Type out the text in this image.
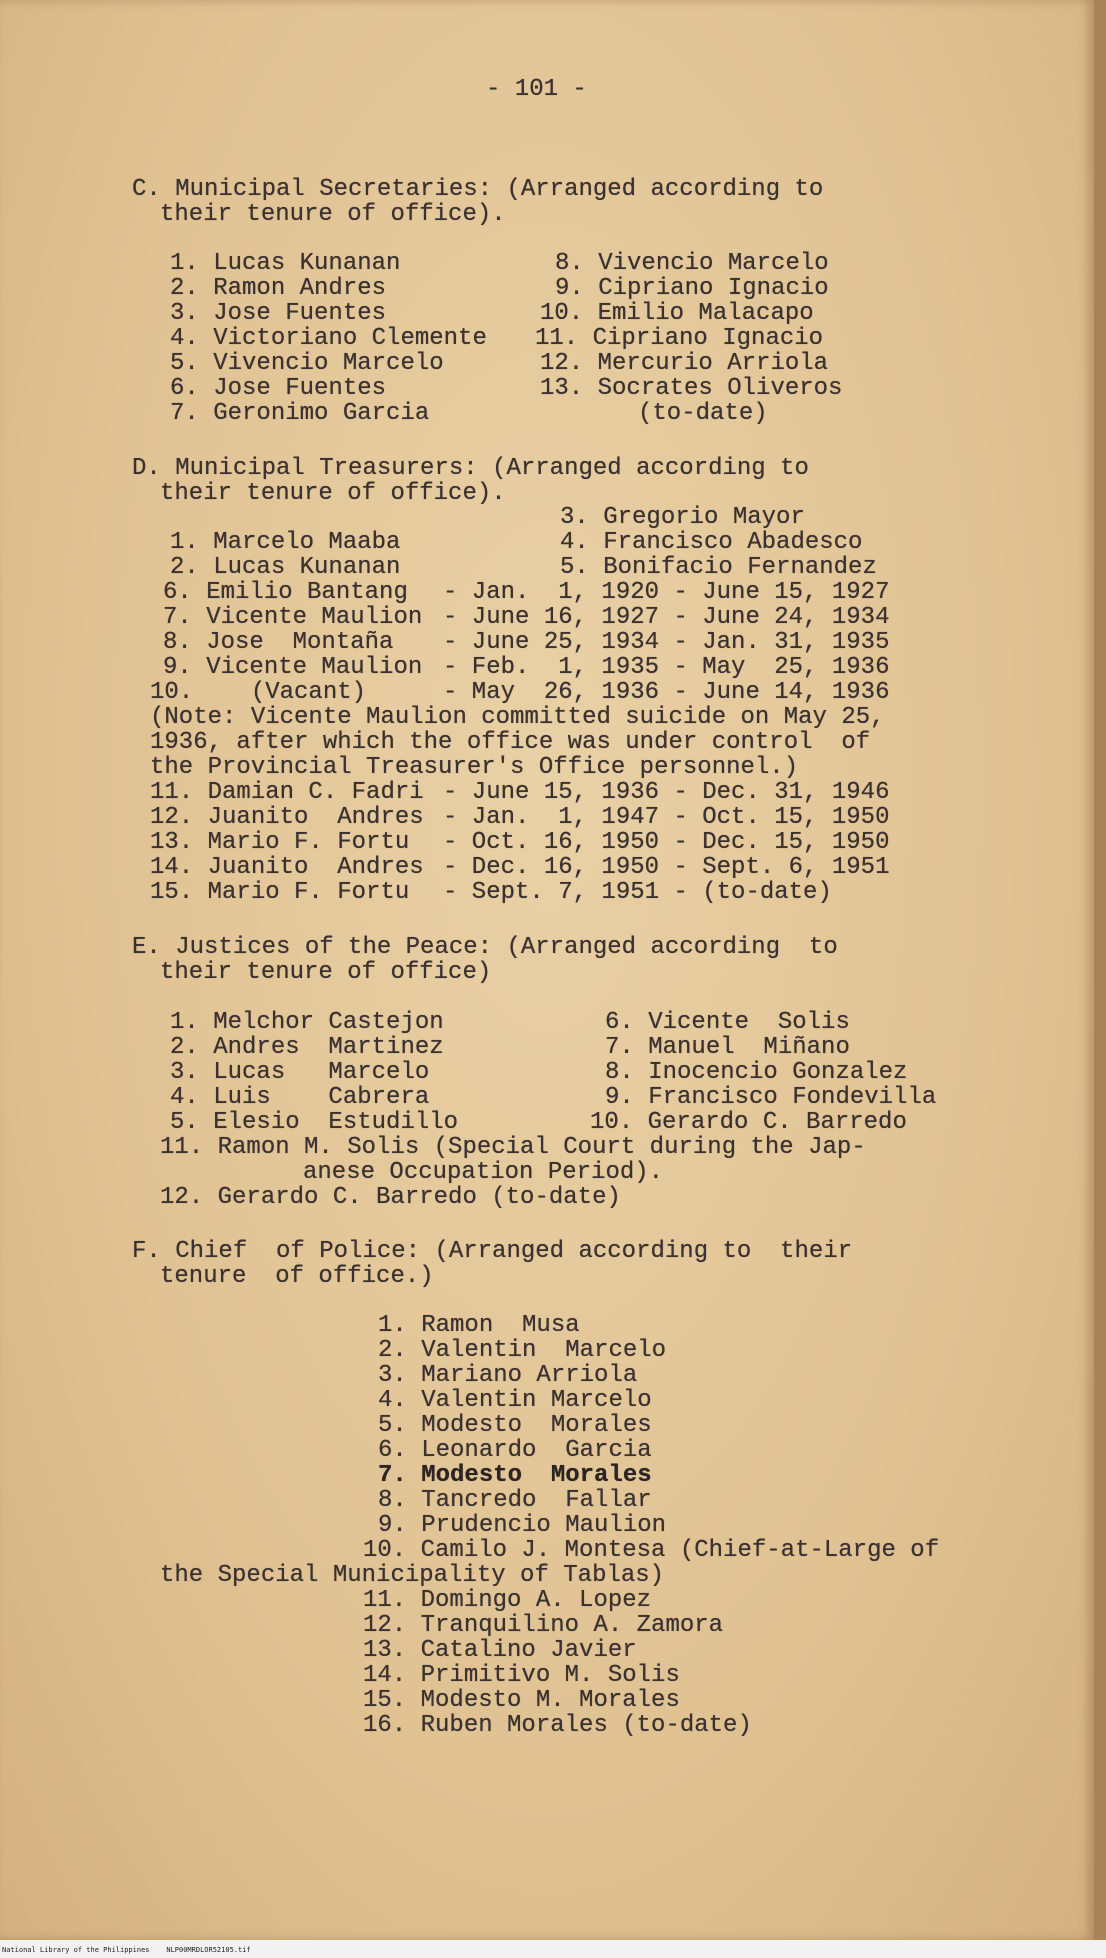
National Library of the Philippines    NLP00MRDLOR52105.tif

- 101 -

C. Municipal Secretaries: (Arranged according to

their tenure of office).

1. Lucas Kunanan	8. Vivencio Marcelo

2. Ramon Andres	9. Cipriano Ignacio

3. Jose Fuentes	10. Emilio Malacapo

4. Victoriano Clemente 11. Cipriano Ignacio

5. Vivencio Marcelo	12. Mercurio Arriola

6. Jose Fuentes	13. Socrates Oliveros

7. Geronimo Garcia	(to-date)

D. Municipal Treasurers: (Arranged according to

their tenure of office).

3. Gregorio Mayor

1. Marcelo Maaba	4. Francisco Abadesco

2. Lucas Kunanan	5. Bonifacio Fernandez

6. Emilio Bantang - Jan.  1, 1920 - June 15, 1927

7. Vicente Maulion - June 16, 1927 - June 24, 1934

8. Jose  Montaña - June 25, 1934 - Jan. 31, 1935

9. Vicente Maulion - Feb.  1, 1935 - May  25, 1936

10.    (Vacant)	- May  26, 1936 - June 14, 1936

(Note: Vicente Maulion committed suicide on May 25,

1936, after which the office was under control  of

the Provincial Treasurer's Office personnel.)

11. Damian C. Fadri - June 15, 1936 - Dec. 31, 1946

12. Juanito  Andres - Jan.  1, 1947 - Oct. 15, 1950

13. Mario F. Fortu - Oct. 16, 1950 - Dec. 15, 1950

14. Juanito  Andres - Dec. 16, 1950 - Sept. 6, 1951

15. Mario F. Fortu - Sept. 7, 1951 - (to-date)

E. Justices of the Peace: (Arranged according  to

their tenure of office)

1. Melchor Castejon	6. Vicente  Solis

2. Andres  Martinez	7. Manuel  Miñano

3. Lucas   Marcelo	8. Inocencio Gonzalez

4. Luis    Cabrera	9. Francisco Fondevilla

5. Elesio  Estudillo	10. Gerardo C. Barredo

11. Ramon M. Solis (Special Court during the Jap-

anese Occupation Period).

12. Gerardo C. Barredo (to-date)

F. Chief  of Police: (Arranged according to  their

tenure  of office.)

1. Ramon  Musa

2. Valentin  Marcelo

3. Mariano Arriola

4. Valentin Marcelo

5. Modesto  Morales

6. Leonardo  Garcia

7. Modesto  Morales

8. Tancredo  Fallar

9. Prudencio Maulion

10. Camilo J. Montesa (Chief-at-Large of

the Special Municipality of Tablas)

11. Domingo A. Lopez

12. Tranquilino A. Zamora

13. Catalino Javier

14. Primitivo M. Solis

15. Modesto M. Morales

16. Ruben Morales (to-date)
